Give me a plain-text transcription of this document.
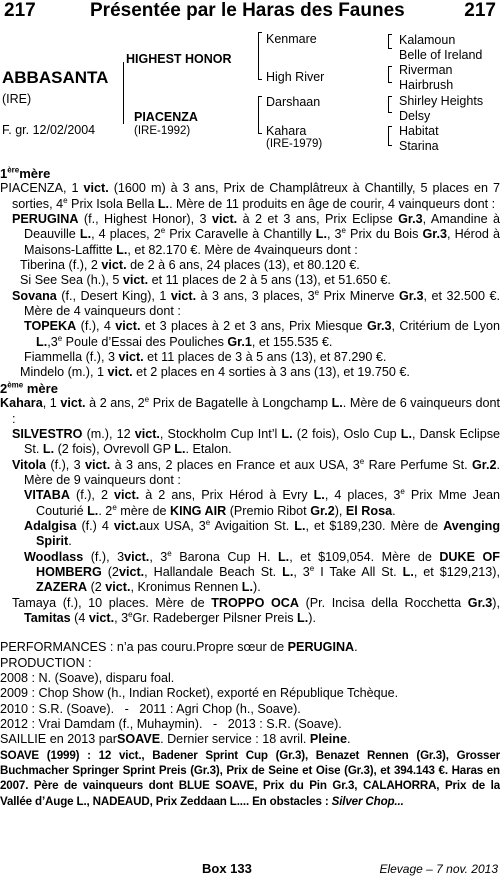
217	Présentée par le Haras des Faunes	217
ABBASANTA
(IRE)
F. gr. 12/02/2004
HIGHEST HONOR
PIACENZA
(IRE-1992)
Kenmare
High River
Darshaan
Kahara
(IRE-1979)
Kalamoun
Belle of Ireland
Riverman
Hairbrush
Shirley Heights
Delsy
Habitat
Starina
1èremère

PIACENZA, 1 vict. (1600 m) à 3 ans, Prix de Champlâtreux à Chantilly, 5 places en 7 sorties, 4e Prix Isola Bella L.. Mère de 11 produits en âge de courir, 4 vainqueurs dont :

PERUGINA (f., Highest Honor), 3 vict. à 2 et 3 ans, Prix Eclipse Gr.3, Amandine à Deauville L., 4 places, 2e Prix Caravelle à Chantilly L., 3e Prix du Bois Gr.3, Hérod à Maisons-Laffitte L., et 82.170 €. Mère de 4vainqueurs dont :

Tiberina (f.), 2 vict. de 2 à 6 ans, 24 places (13), et 80.120 €.

Si See Sea (h.), 5 vict. et 11 places de 2 à 5 ans (13), et 51.650 €.

Sovana (f., Desert King), 1 vict. à 3 ans, 3 places, 3e Prix Minerve Gr.3, et 32.500 €. Mère de 4 vainqueurs dont :

TOPEKA (f.), 4 vict. et 3 places à 2 et 3 ans, Prix Miesque Gr.3, Critérium de Lyon L.,3e Poule d’Essai des Pouliches Gr.1, et 155.535 €.

Fiammella (f.), 3 vict. et 11 places de 3 à 5 ans (13), et 87.290 €.

Mindelo (m.), 1 vict. et 2 places en 4 sorties à 3 ans (13), et 19.750 €.

2ème mère

Kahara, 1 vict. à 2 ans, 2e Prix de Bagatelle à Longchamp L.. Mère de 6 vainqueurs dont :

SILVESTRO (m.), 12 vict., Stockholm Cup Int’l L. (2 fois), Oslo Cup L., Dansk Eclipse St. L. (2 fois), Ovrevoll GP L.. Etalon.

Vitola (f.), 3 vict. à 3 ans, 2 places en France et aux USA, 3e Rare Perfume St. Gr.2. Mère de 9 vainqueurs dont :

VITABA (f.), 2 vict. à 2 ans, Prix Hérod à Evry L., 4 places, 3e Prix Mme Jean Couturié L.. 2e mère de KING AIR (Premio Ribot Gr.2), El Rosa.

Adalgisa (f.) 4 vict.aux USA, 3e Avigaition St. L., et $189,230. Mère de Avenging Spirit.

Woodlass (f.), 3vict., 3e Barona Cup H. L., et $109,054. Mère de DUKE OF HOMBERG (2vict., Hallandale Beach St. L., 3e I Take All St. L., et $129,213), ZAZERA (2 vict., Kronimus Rennen L.).

Tamaya (f.), 10 places. Mère de TROPPO OCA (Pr. Incisa della Rocchetta Gr.3), Tamitas (4 vict., 3eGr. Radeberger Pilsner Preis L.).

PERFORMANCES : n’a pas couru.Propre sœur de PERUGINA.

PRODUCTION :

2008 : N. (Soave), disparu foal.

2009 : Chop Show (h., Indian Rocket), exporté en République Tchèque.

2010 : S.R. (Soave).   -   2011 : Agri Chop (h., Soave).

2012 : Vrai Damdam (f., Muhaymin).   -   2013 : S.R. (Soave).

SAILLIE en 2013 parSOAVE. Dernier service : 18 avril. Pleine.

SOAVE (1999) : 12 vict., Badener Sprint Cup (Gr.3), Benazet Rennen (Gr.3), Grosser Buchmacher Springer Sprint Preis (Gr.3), Prix de Seine et Oise (Gr.3), et 394.143 €. Haras en 2007. Père de vainqueurs dont BLUE SOAVE, Prix du Pin Gr.3, CALAHORRA, Prix de la Vallée d’Auge L., NADEAUD, Prix Zeddaan L.... En obstacles : Silver Chop...

Box 133	Elevage – 7 nov. 2013
